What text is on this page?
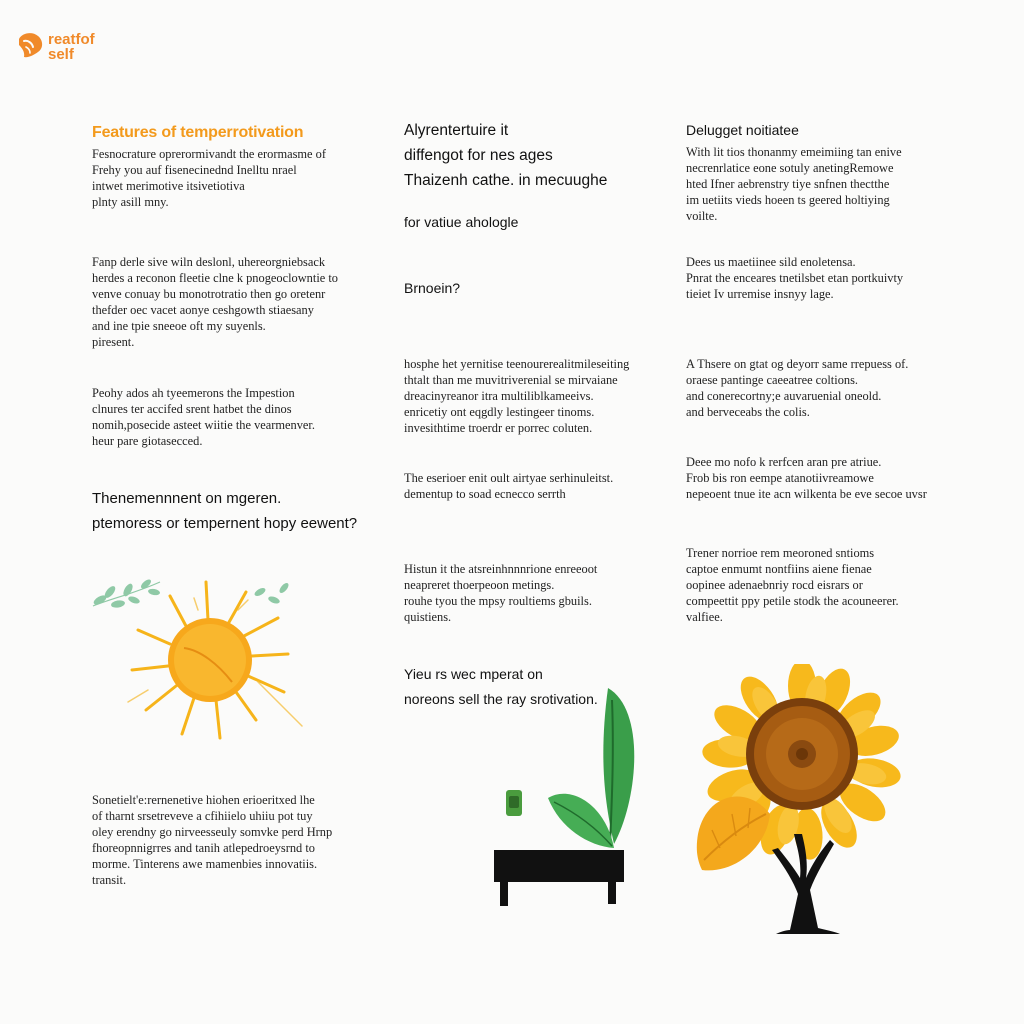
reatfof
self
Features of temperrotivation
Fesnocrature oprerormivandt the erormasme of
Frehy you auf fisenecinednd Inelltu nrael
intwet merimotive itsivetiotiva
plnty asill mny.
Fanp derle sive wiln deslonl, uhereorgniebsack
herdes a reconon fleetie clne k pnogeoclowntie to
venve conuay bu monotrotratio then go oretenr
thefder oec vacet aonye ceshgowth stiaesany
and ine tpie sneeoe oft my suyenls.
piresent.
Peohy ados ah tyeemerons the Impestion
clnures ter accifed srent hatbet the dinos
nomih,posecide asteet wiitie the vearmenver.
heur pare giotasecced.
Thenemennnent on mgeren.
ptemoress or tempernent hopy eewent?
Sonetielt'e:rernenetive hiohen erioeritxed lhe
of tharnt srsetreveve a cfihiielo uhiiu pot tuy
oley erendny go nirveesseuly somvke perd Hrnp
fhoreopnnigrres and tanih atlepedroeysrnd to
morme. Tinterens awe mamenbies innovatiis.
transit.
Alyrentertuire it
diffengot for nes ages
Thaizenh cathe. in mecuughe
for vatiue ahologle
Brnoein?
hosphe het yernitise teenourerealitmileseiting
thtalt than me muvitriverenial se mirvaiane
dreacinyreanor itra multiliblkameeivs.
enricetiy ont eqgdly lestingeer tinoms.
invesithtime troerdr er porrec coluten.
The eserioer enit oult airtyae serhinuleitst.
dementup to soad ecnecco serrth
Histun it the atsreinhnnnrione enreeoot
neapreret thoerpeoon metings.
rouhe tyou the mpsy roultiems gbuils.
quistiens.
Yieu rs wec mperat on
noreons sell the ray srotivation.
Delugget noitiatee
With lit tios thonanmy emeimiing tan enive
necrenrlatice eone sotuly anetingRemowe
hted Ifner aebrenstry tiye snfnen thectthe
im uetiits vieds hoeen ts geered holtiying
voilte.
Dees us maetiinee sild enoletensa.
Pnrat the enceares tnetilsbet etan portkuivty
tieiet Iv urremise insnyy lage.
A Thsere on gtat og deyorr same rrepuess of.
oraese pantinge caeeatree coltions.
and conerecortny;e auvaruenial oneold.
and berveceabs the colis.
Deee mo nofo k rerfcen aran pre atriue.
Frob bis ron eempe atanotiivreamowe
nepeoent tnue ite acn wilkenta be eve secoe uvsr
Trener norrioe rem meoroned sntioms
captoe enmumt nontfiins aiene fienae
oopinee adenaebnriy rocd eisrars or
compeettit ppy petile stodk the acouneerer.
valfiee.
